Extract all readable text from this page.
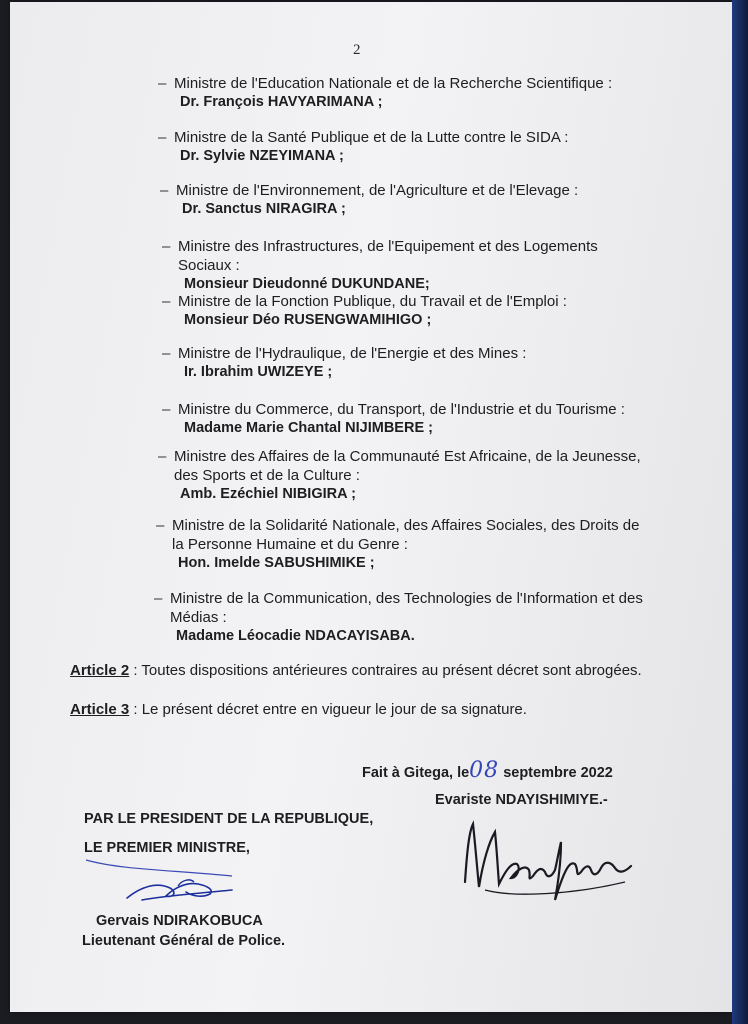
2
– Ministre de l'Education Nationale et de la Recherche Scientifique :
Dr. François HAVYARIMANA ;
– Ministre de la Santé Publique et de la Lutte contre le SIDA :
Dr. Sylvie NZEYIMANA ;
– Ministre de l'Environnement, de l'Agriculture et de l'Elevage :
Dr. Sanctus NIRAGIRA ;
– Ministre des Infrastructures, de l'Equipement et des Logements Sociaux :
Monsieur Dieudonné DUKUNDANE;
– Ministre de la Fonction Publique, du Travail et de l'Emploi :
Monsieur Déo RUSENGWAMIHIGO ;
– Ministre de l'Hydraulique, de l'Energie et des Mines :
Ir. Ibrahim UWIZEYE ;
– Ministre du Commerce, du Transport, de l'Industrie et du Tourisme :
Madame Marie Chantal NIJIMBERE ;
– Ministre des Affaires de la Communauté Est Africaine, de la Jeunesse, des Sports et de la Culture :
Amb. Ezéchiel NIBIGIRA ;
– Ministre de la Solidarité Nationale, des Affaires Sociales, des Droits de la Personne Humaine et du Genre :
Hon. Imelde SABUSHIMIKE ;
– Ministre de la Communication, des Technologies de l'Information et des Médias :
Madame Léocadie NDACAYISABA.
Article 2 : Toutes dispositions antérieures contraires au présent décret sont abrogées.
Article 3 : Le présent décret entre en vigueur le jour de sa signature.
Fait à Gitega, le08 septembre 2022
Evariste NDAYISHIMIYE.-
PAR LE PRESIDENT DE LA REPUBLIQUE,
LE PREMIER MINISTRE,
Gervais NDIRAKOBUCA
Lieutenant Général de Police.
